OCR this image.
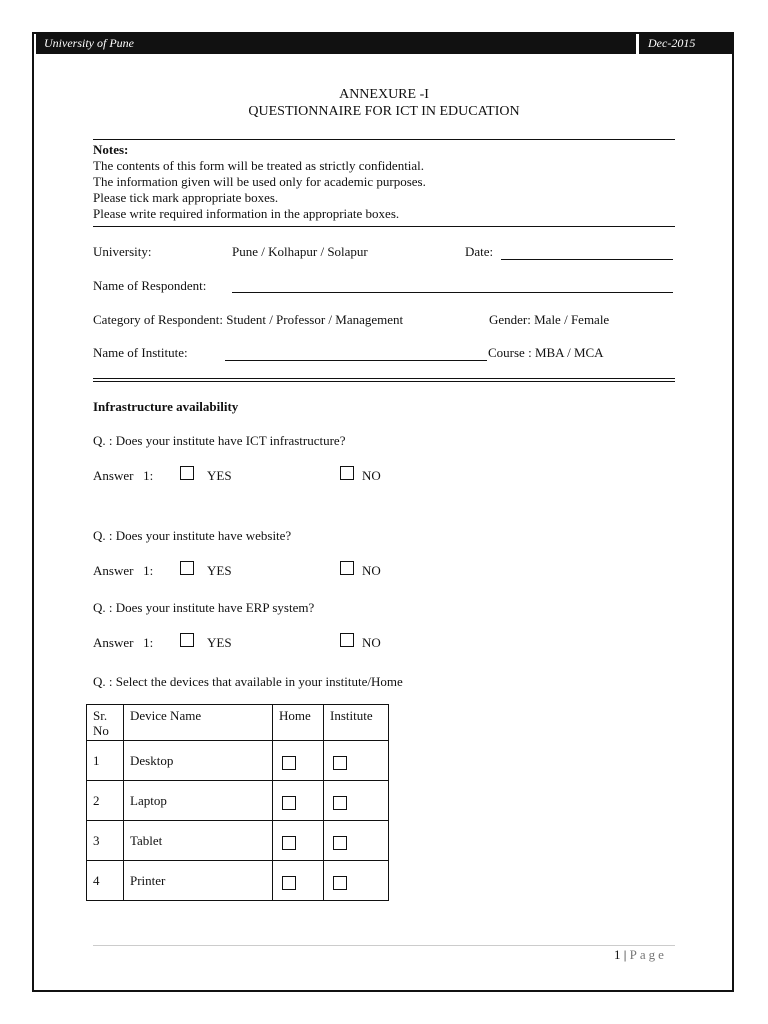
University of Pune	Dec-2015
ANNEXURE -I
QUESTIONNAIRE FOR ICT IN EDUCATION
Notes:
The contents of this form will be treated as strictly confidential.
The information given will be used only for academic purposes.
Please tick mark appropriate boxes.
Please write required information in the appropriate boxes.
University:	Pune / Kolhapur / Solapur	Date:
Name of Respondent:
Category of Respondent: Student / Professor / Management	Gender: Male / Female
Name of Institute:	Course : MBA / MCA
Infrastructure availability
Q. : Does your institute have ICT infrastructure?
Answer   1:	YES	NO
Q. : Does your institute have website?
Answer   1:	YES	NO
Q. : Does your institute have ERP system?
Answer   1:	YES	NO
Q. : Select the devices that available in your institute/Home
Sr. No	Device Name	Home	Institute

1	Desktop		

2	Laptop		

3	Tablet		

4	Printer		

1 | Page
